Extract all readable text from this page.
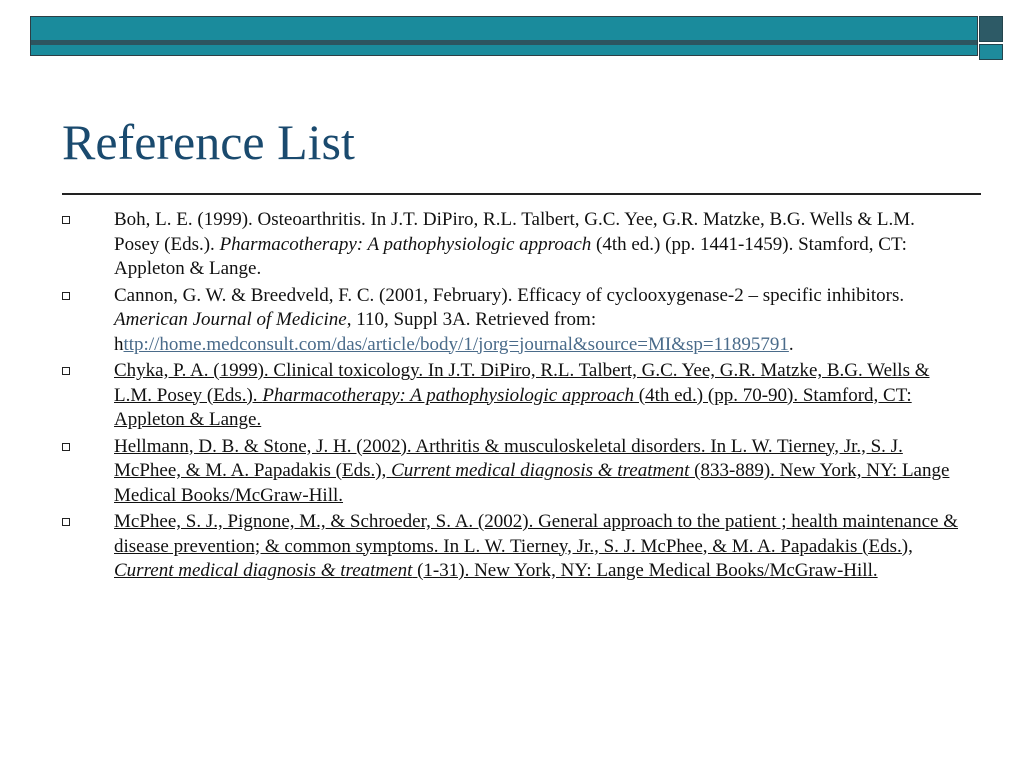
Reference List
Boh, L. E. (1999). Osteoarthritis. In J.T. DiPiro, R.L. Talbert, G.C. Yee, G.R. Matzke, B.G. Wells & L.M. Posey (Eds.). Pharmacotherapy: A pathophysiologic approach (4th ed.) (pp. 1441-1459). Stamford, CT: Appleton & Lange.
Cannon, G. W. & Breedveld, F. C. (2001, February). Efficacy of cyclooxygenase-2 – specific inhibitors. American Journal of Medicine, 110, Suppl 3A. Retrieved from: http://home.medconsult.com/das/article/body/1/jorg=journal&source=MI&sp=11895791.
Chyka, P. A. (1999). Clinical toxicology. In J.T. DiPiro, R.L. Talbert, G.C. Yee, G.R. Matzke, B.G. Wells & L.M. Posey (Eds.). Pharmacotherapy: A pathophysiologic approach (4th ed.) (pp. 70-90). Stamford, CT: Appleton & Lange.
Hellmann, D. B. & Stone, J. H. (2002). Arthritis & musculoskeletal disorders. In L. W. Tierney, Jr., S. J. McPhee, & M. A. Papadakis (Eds.), Current medical diagnosis & treatment (833-889). New York, NY: Lange Medical Books/McGraw-Hill.
McPhee, S. J., Pignone, M., & Schroeder, S. A. (2002). General approach to the patient ; health maintenance & disease prevention; & common symptoms. In L. W. Tierney, Jr., S. J. McPhee, & M. A. Papadakis (Eds.), Current medical diagnosis & treatment (1-31). New York, NY: Lange Medical Books/McGraw-Hill.
